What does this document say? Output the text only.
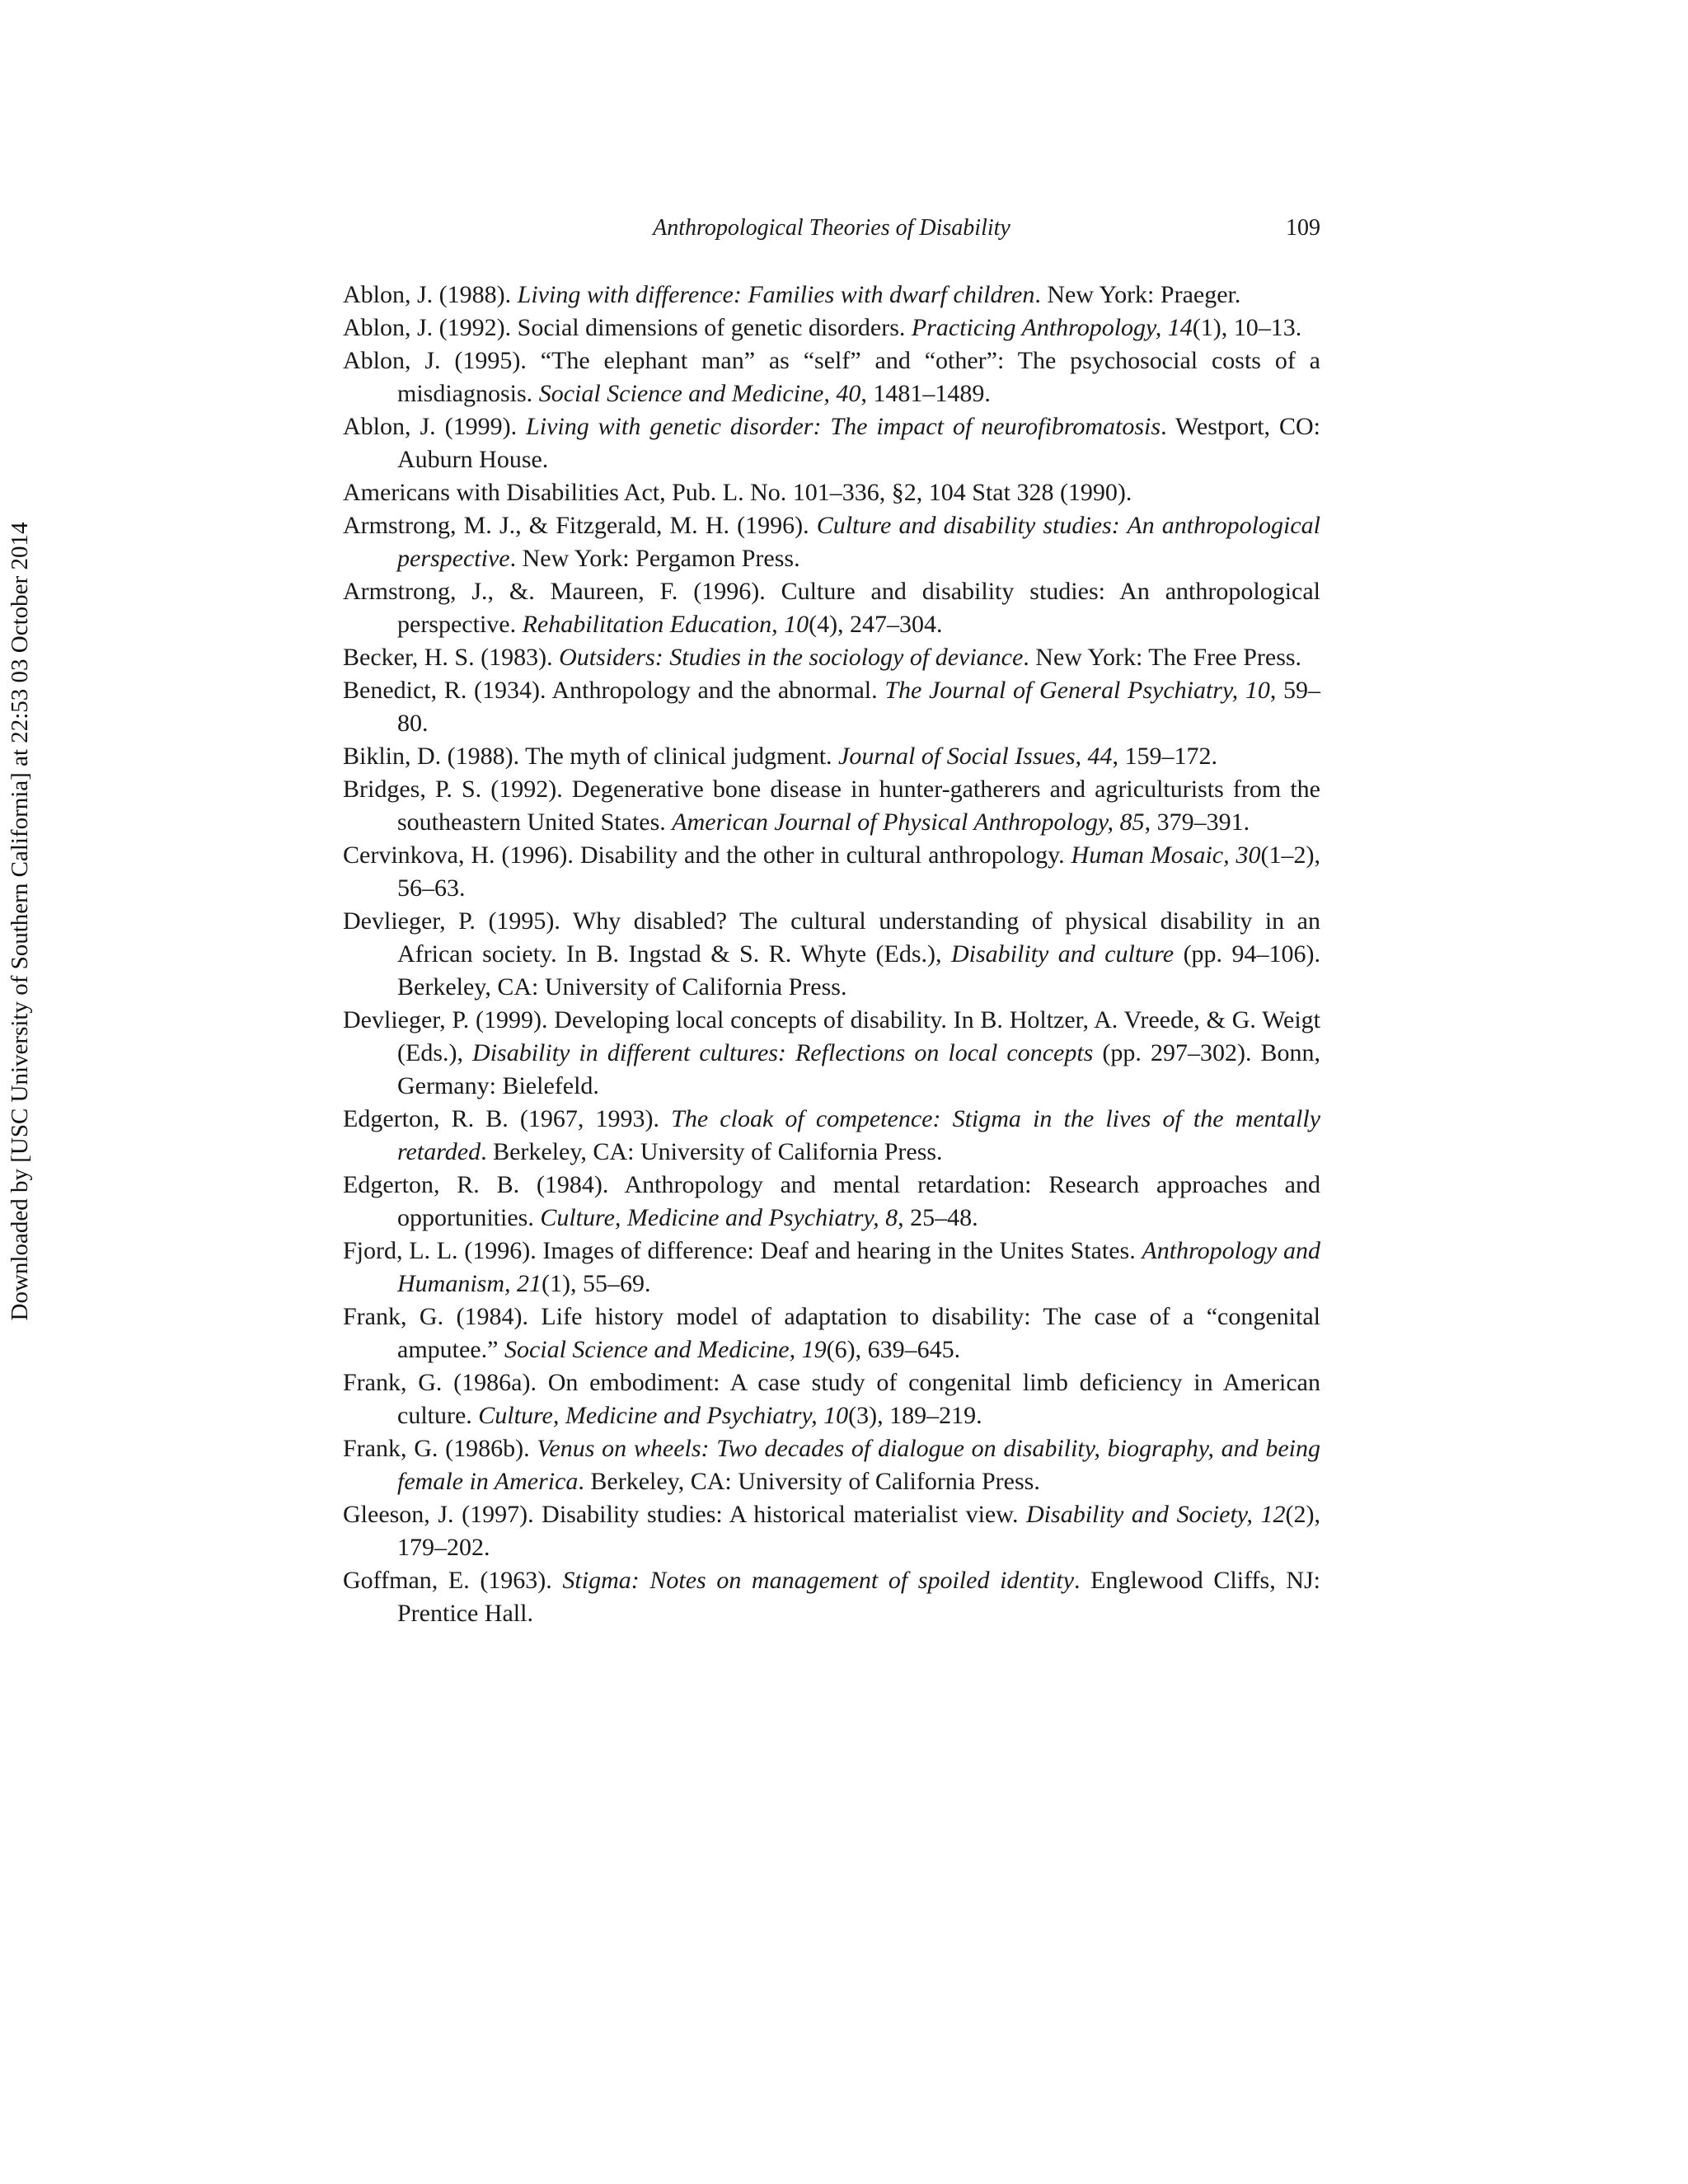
Downloaded by [USC University of Southern California] at 22:53 03 October 2014
Anthropological Theories of Disability	109

Ablon, J. (1988). Living with difference: Families with dwarf children. New York: Praeger.

Ablon, J. (1992). Social dimensions of genetic disorders. Practicing Anthropology, 14(1), 10–13.

Ablon, J. (1995). “The elephant man” as “self” and “other”: The psychosocial costs of a misdiagnosis. Social Science and Medicine, 40, 1481–1489.

Ablon, J. (1999). Living with genetic disorder: The impact of neurofibromatosis. Westport, CO: Auburn House.

Americans with Disabilities Act, Pub. L. No. 101–336, §2, 104 Stat 328 (1990).

Armstrong, M. J., & Fitzgerald, M. H. (1996). Culture and disability studies: An anthropological perspective. New York: Pergamon Press.

Armstrong, J., &. Maureen, F. (1996). Culture and disability studies: An anthropological perspective. Rehabilitation Education, 10(4), 247–304.

Becker, H. S. (1983). Outsiders: Studies in the sociology of deviance. New York: The Free Press.

Benedict, R. (1934). Anthropology and the abnormal. The Journal of General Psychiatry, 10, 59–80.

Biklin, D. (1988). The myth of clinical judgment. Journal of Social Issues, 44, 159–172.

Bridges, P. S. (1992). Degenerative bone disease in hunter-gatherers and agriculturists from the southeastern United States. American Journal of Physical Anthropology, 85, 379–391.

Cervinkova, H. (1996). Disability and the other in cultural anthropology. Human Mosaic, 30(1–2), 56–63.

Devlieger, P. (1995). Why disabled? The cultural understanding of physical disability in an African society. In B. Ingstad & S. R. Whyte (Eds.), Disability and culture (pp. 94–106). Berkeley, CA: University of California Press.

Devlieger, P. (1999). Developing local concepts of disability. In B. Holtzer, A. Vreede, & G. Weigt (Eds.), Disability in different cultures: Reflections on local concepts (pp. 297–302). Bonn, Germany: Bielefeld.

Edgerton, R. B. (1967, 1993). The cloak of competence: Stigma in the lives of the mentally retarded. Berkeley, CA: University of California Press.

Edgerton, R. B. (1984). Anthropology and mental retardation: Research approaches and opportunities. Culture, Medicine and Psychiatry, 8, 25–48.

Fjord, L. L. (1996). Images of difference: Deaf and hearing in the Unites States. Anthropology and Humanism, 21(1), 55–69.

Frank, G. (1984). Life history model of adaptation to disability: The case of a “congenital amputee.” Social Science and Medicine, 19(6), 639–645.

Frank, G. (1986a). On embodiment: A case study of congenital limb deficiency in American culture. Culture, Medicine and Psychiatry, 10(3), 189–219.

Frank, G. (1986b). Venus on wheels: Two decades of dialogue on disability, biography, and being female in America. Berkeley, CA: University of California Press.

Gleeson, J. (1997). Disability studies: A historical materialist view. Disability and Society, 12(2), 179–202.

Goffman, E. (1963). Stigma: Notes on management of spoiled identity. Englewood Cliffs, NJ: Prentice Hall.
